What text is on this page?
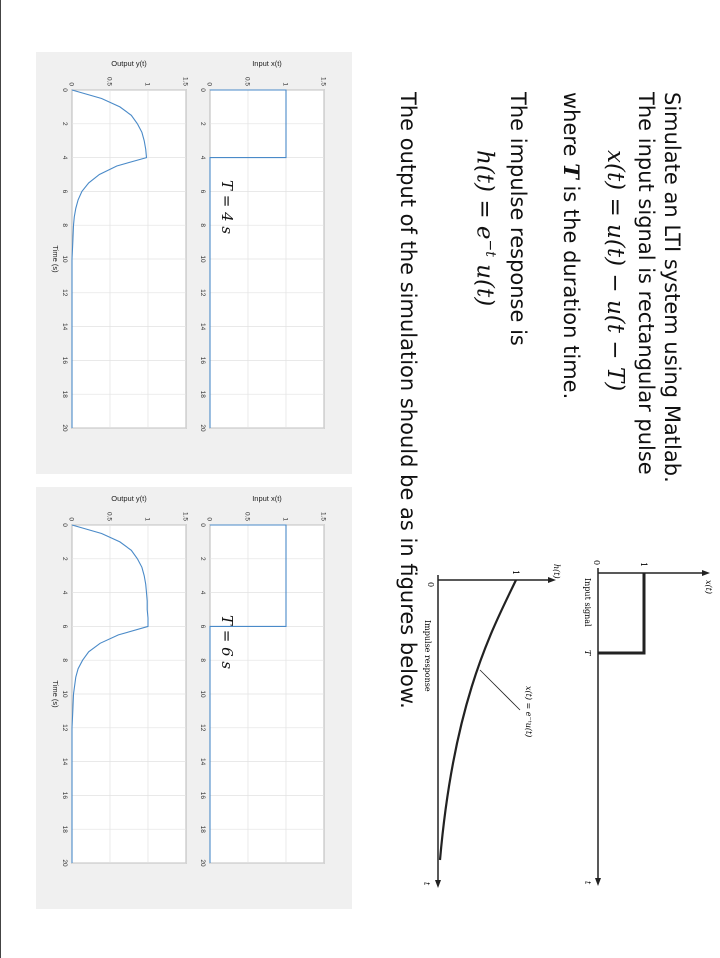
Simulate an LTI system using Matlab.
The input signal is rectangular pulse
x(t) = u(t) − u(t − T)
where T is the duration time.
The impulse response is
$h(t) = e^{-t}$ u(t)
The output of the simulation should be as in figures below.	x(t)
0	1
T
t
Input signal
x(t) = e⁻ᵗu(t)
h(t)
1
0
t
Impulse response
0
2
4
6
8
10
12
14
16
18
20
0	0.5	1	1.5
Input x(t)
0
2
4
6
8
10
12
14
16
18
20
0	0.5	1	1.5
Output y(t)
Time (s)
T = 4 s
0
2
4
6
8
10
12
14
16
18
20
0	0.5	1	1.5
Input x(t)
0
2
4
6
8
10
12
14
16
18
20
0	0.5	1	1.5
Output y(t)
Time (s)
T = 6 s
